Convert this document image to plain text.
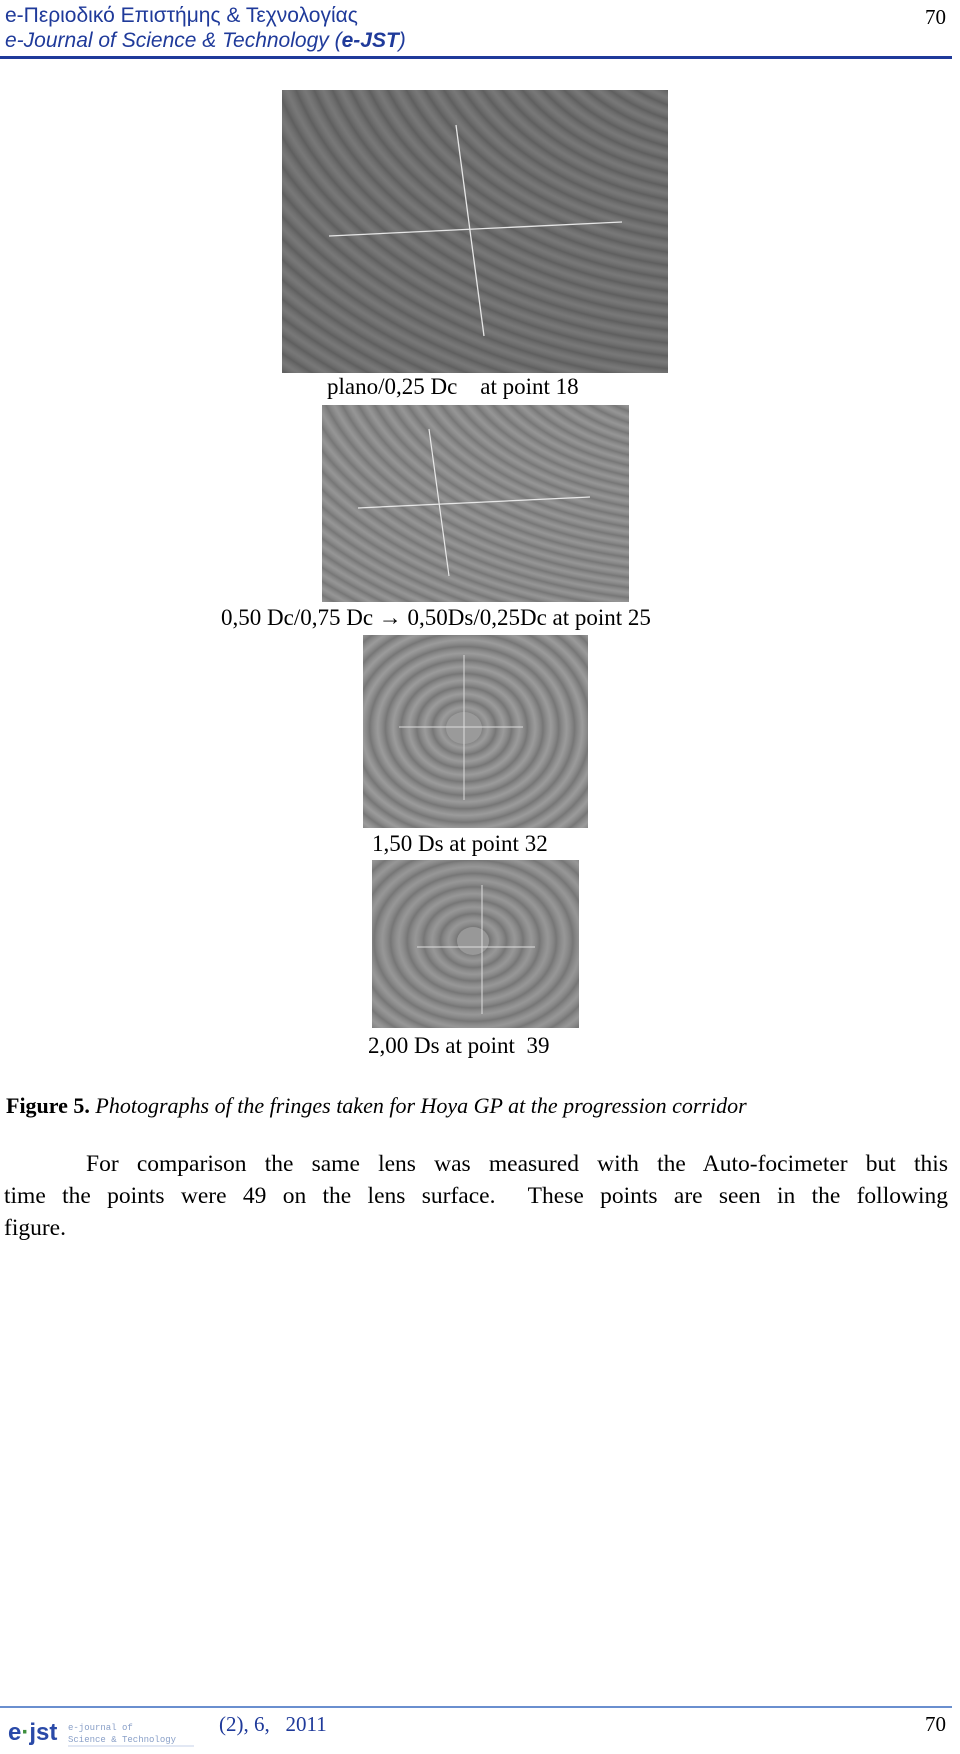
e-Περιοδικό Επιστήμης & Τεχνολογίας
e-Journal of Science & Technology (e-JST)
70
plano/0,25 Dc    at point 18
0,50 Dc/0,75 Dc → 0,50Ds/0,25Dc at point 25
1,50 Ds at point 32
2,00 Ds at point  39
Figure 5. Photographs of the fringes taken for Hoya GP at the progression corridor
For comparison the same lens was measured with the Auto-focimeter but this
time the points were 49 on the lens surface.  These points are seen in the following
figure.
e·jst e-journal of
Science & Technology
(2), 6,   2011	70
